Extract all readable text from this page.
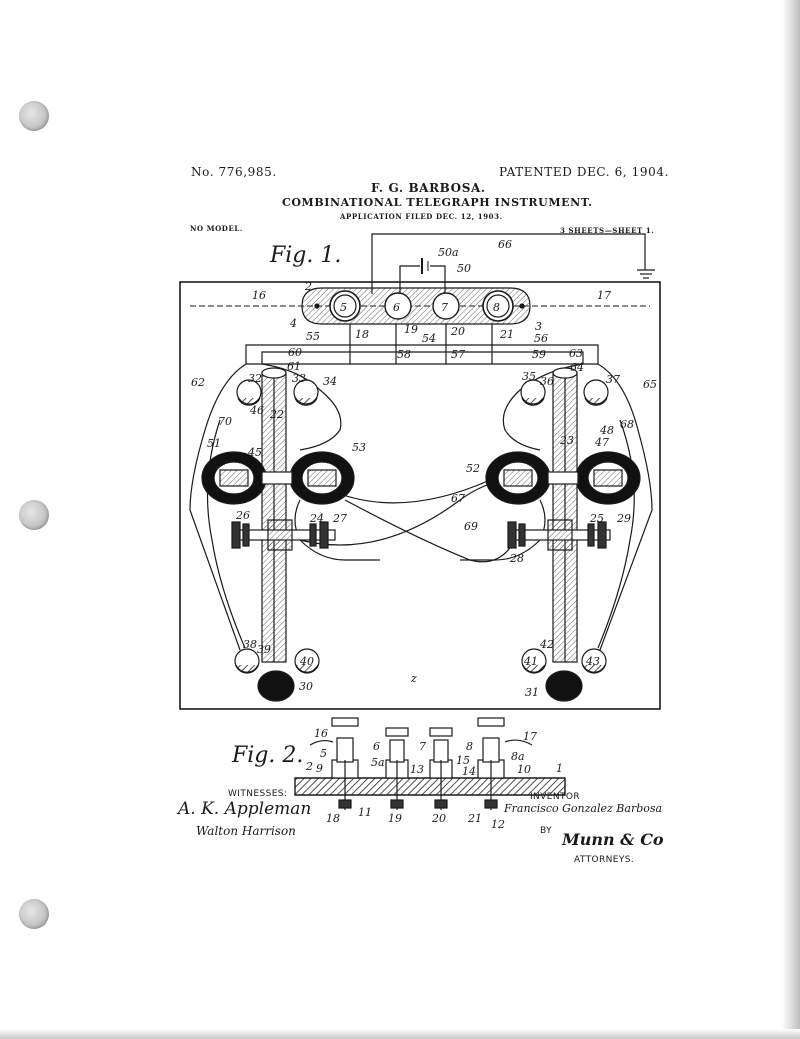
No. 776,985.	PATENTED DEC. 6, 1904.
F. G. BARBOSA.
COMBINATIONAL TELEGRAPH INSTRUMENT.
APPLICATION FILED DEC. 12, 1903.
NO MODEL.	3 SHEETS—SHEET 1.
Fig. 1.
Fig. 2.
66
50a
50
2
16	17
4
5	6	7	8
3
55	18	19
54
20	21 56
60	58	57	59 63
61	64
62	32	33 34	35 36	37 65
70
46 22
48 68
45
47
23
51	53
52
67
69
26	24 27	25 29
28
38 39
40
42
41	43
30	31
z
16
5
6	7	8
17
8a
2 9	5a
13
15
14	10 1
18 11 19	20 21 12
WITNESSES:
A. K. Appleman
Walton Harrison
INVENTOR
Francisco Gonzalez Barbosa
BY Munn & Co
ATTORNEYS.
